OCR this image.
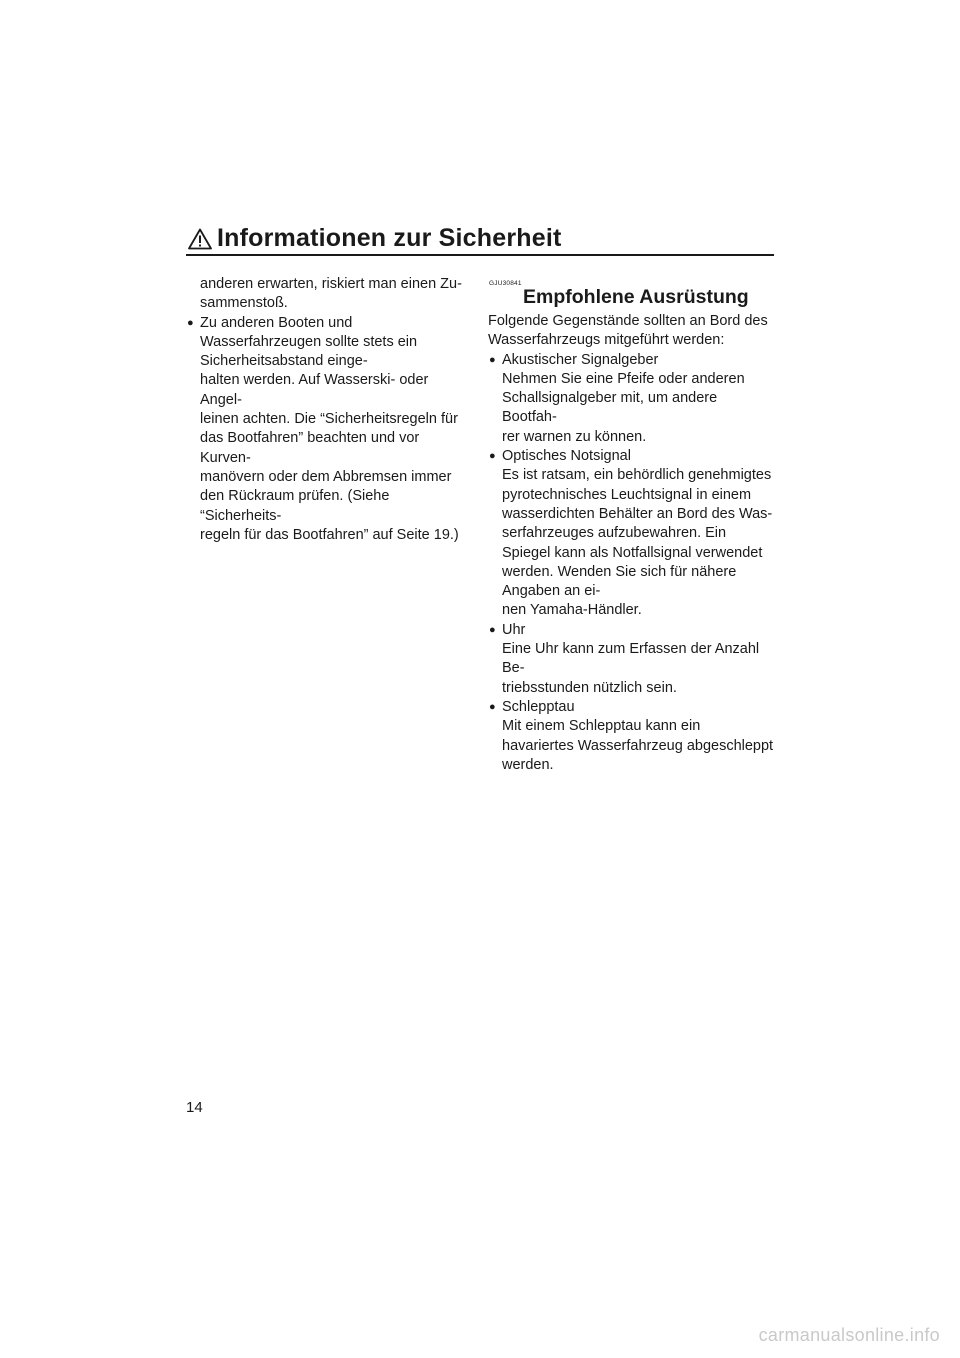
Informationen zur Sicherheit
anderen erwarten, riskiert man einen Zu-
sammenstoß.
● Zu anderen Booten und Wasserfahrzeugen sollte stets ein Sicherheitsabstand einge-
halten werden. Auf Wasserski- oder Angel-
leinen achten. Die “Sicherheitsregeln für das Bootfahren” beachten und vor Kurven-
manövern oder dem Abbremsen immer den Rückraum prüfen. (Siehe “Sicherheits-
regeln für das Bootfahren” auf Seite 19.)
GJU30841
Empfohlene Ausrüstung
Folgende Gegenstände sollten an Bord des Wasserfahrzeugs mitgeführt werden:
● Akustischer Signalgeber
Nehmen Sie eine Pfeife oder anderen Schallsignalgeber mit, um andere Bootfah-
rer warnen zu können.
● Optisches Notsignal
Es ist ratsam, ein behördlich genehmigtes pyrotechnisches Leuchtsignal in einem wasserdichten Behälter an Bord des Was-
serfahrzeuges aufzubewahren. Ein Spiegel kann als Notfallsignal verwendet werden. Wenden Sie sich für nähere Angaben an ei-
nen Yamaha-Händler.
● Uhr
Eine Uhr kann zum Erfassen der Anzahl Be-
triebsstunden nützlich sein.
● Schlepptau
Mit einem Schlepptau kann ein havariertes Wasserfahrzeug abgeschleppt werden.
14
carmanualsonline.info
